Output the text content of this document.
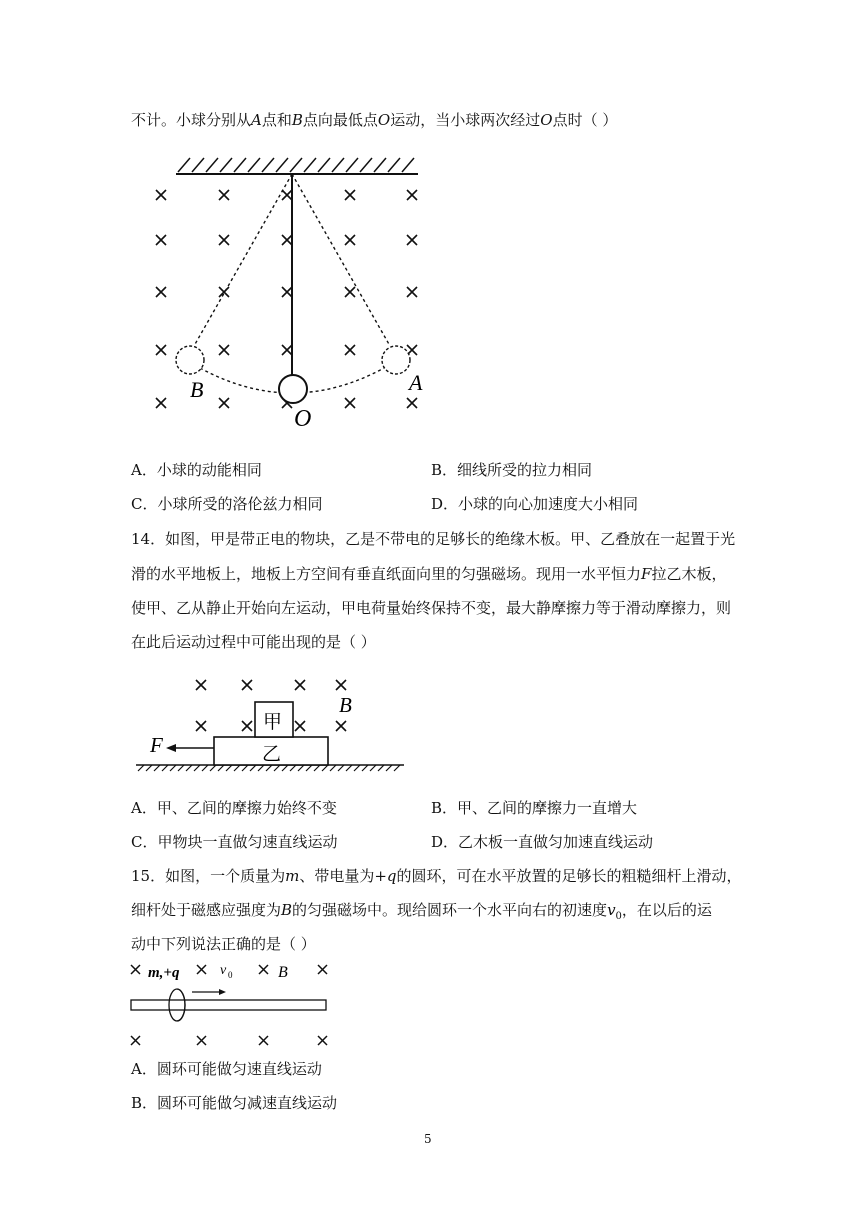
不计。小球分别从A点和B点向最低点O运动，当小球两次经过O点时（ ）
B
O
A
A．小球的动能相同	B．细线所受的拉力相同
C．小球所受的洛伦兹力相同	D．小球的向心加速度大小相同
14．如图，甲是带正电的物块，乙是不带电的足够长的绝缘木板。甲、乙叠放在一起置于光
滑的水平地板上，地板上方空间有垂直纸面向里的匀强磁场。现用一水平恒力F拉乙木板，
使甲、乙从静止开始向左运动，甲电荷量始终保持不变，最大静摩擦力等于滑动摩擦力，则
在此后运动过程中可能出现的是（ ）
甲
乙
F
B
A．甲、乙间的摩擦力始终不变	B．甲、乙间的摩擦力一直增大
C．甲物块一直做匀速直线运动	D．乙木板一直做匀加速直线运动
15．如图，一个质量为m、带电量为+q的圆环，可在水平放置的足够长的粗糙细杆上滑动，
细杆处于磁感应强度为B的匀强磁场中。现给圆环一个水平向右的初速度$v_0$，在以后的运
动中下列说法正确的是（ ）
m,+q	v 0	B
A．圆环可能做匀速直线运动
B．圆环可能做匀减速直线运动
5
